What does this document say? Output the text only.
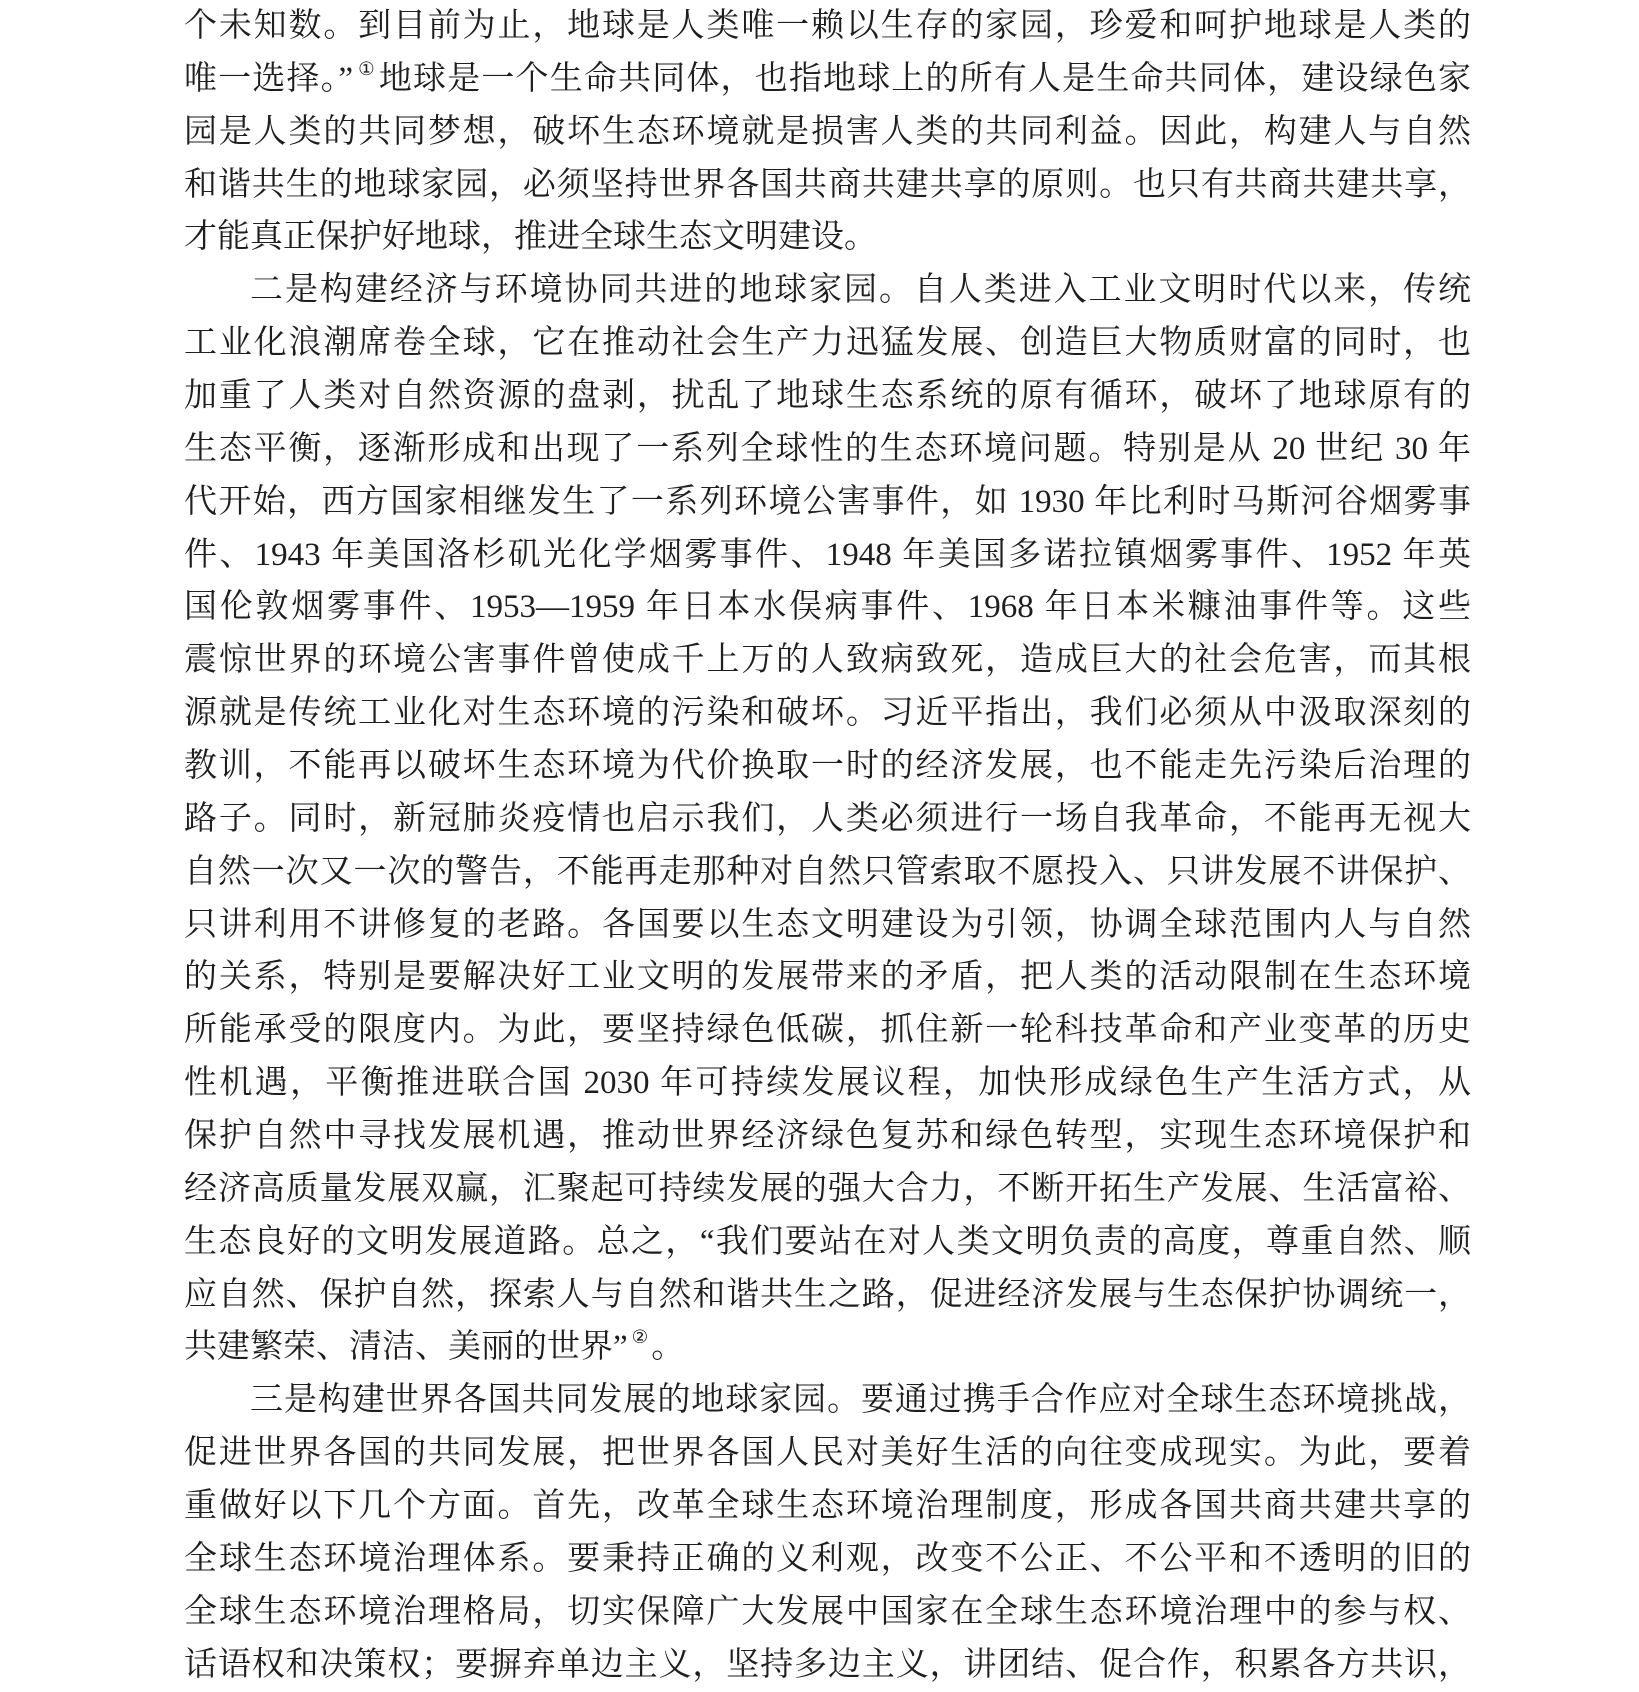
个未知数。到目前为止，地球是人类唯一赖以生存的家园，珍爱和呵护地球是人类的
唯一选择。” ①地球是一个生命共同体，也指地球上的所有人是生命共同体，建设绿色家
园是人类的共同梦想，破坏生态环境就是损害人类的共同利益。因此，构建人与自然
和谐共生的地球家园，必须坚持世界各国共商共建共享的原则。也只有共商共建共享，
才能真正保护好地球，推进全球生态文明建设。
二是构建经济与环境协同共进的地球家园。自人类进入工业文明时代以来，传统
工业化浪潮席卷全球，它在推动社会生产力迅猛发展、创造巨大物质财富的同时，也
加重了人类对自然资源的盘剥，扰乱了地球生态系统的原有循环，破坏了地球原有的
生态平衡，逐渐形成和出现了一系列全球性的生态环境问题。特别是从 20 世纪 30 年
代开始，西方国家相继发生了一系列环境公害事件，如 1930 年比利时马斯河谷烟雾事
件、1943 年美国洛杉矶光化学烟雾事件、1948 年美国多诺拉镇烟雾事件、1952 年英
国伦敦烟雾事件、1953—1959 年日本水俣病事件、1968 年日本米糠油事件等。这些
震惊世界的环境公害事件曾使成千上万的人致病致死，造成巨大的社会危害，而其根
源就是传统工业化对生态环境的污染和破坏。习近平指出，我们必须从中汲取深刻的
教训，不能再以破坏生态环境为代价换取一时的经济发展，也不能走先污染后治理的
路子。同时，新冠肺炎疫情也启示我们，人类必须进行一场自我革命，不能再无视大
自然一次又一次的警告，不能再走那种对自然只管索取不愿投入、只讲发展不讲保护、
只讲利用不讲修复的老路。各国要以生态文明建设为引领，协调全球范围内人与自然
的关系，特别是要解决好工业文明的发展带来的矛盾，把人类的活动限制在生态环境
所能承受的限度内。为此，要坚持绿色低碳，抓住新一轮科技革命和产业变革的历史
性机遇，平衡推进联合国 2030 年可持续发展议程，加快形成绿色生产生活方式，从
保护自然中寻找发展机遇，推动世界经济绿色复苏和绿色转型，实现生态环境保护和
经济高质量发展双赢，汇聚起可持续发展的强大合力，不断开拓生产发展、生活富裕、
生态良好的文明发展道路。总之，“我们要站在对人类文明负责的高度，尊重自然、顺
应自然、保护自然，探索人与自然和谐共生之路，促进经济发展与生态保护协调统一，
共建繁荣、清洁、美丽的世界” ②。
三是构建世界各国共同发展的地球家园。要通过携手合作应对全球生态环境挑战，
促进世界各国的共同发展，把世界各国人民对美好生活的向往变成现实。为此，要着
重做好以下几个方面。首先，改革全球生态环境治理制度，形成各国共商共建共享的
全球生态环境治理体系。要秉持正确的义利观，改变不公正、不公平和不透明的旧的
全球生态环境治理格局，切实保障广大发展中国家在全球生态环境治理中的参与权、
话语权和决策权；要摒弃单边主义，坚持多边主义，讲团结、促合作，积累各方共识，
